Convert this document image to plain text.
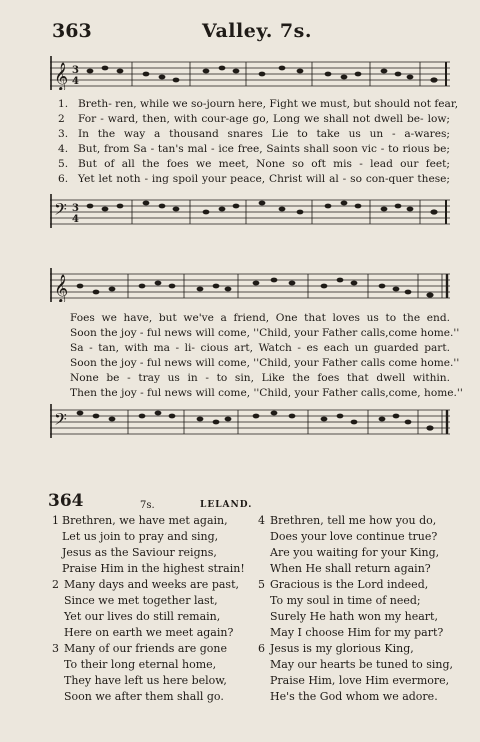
363	Valley. 7s.
𝄞 3
4
1. Breth- ren, while we so-journ here, Fight we must, but should not fear,
2	For - ward, then, with cour-age go, Long we shall not dwell be- low;
3. In the way a thousand snares Lie to take us un - a-wares;
4. But, from Sa - tan's mal - ice free, Saints shall soon vic - to rious be;
5. But of all the foes we meet, None so oft mis - lead our feet;
6. Yet let noth - ing spoil your peace, Christ will al - so con-quer these;
𝄢 3
4
𝄞
Foes we have, but we've a friend, One that loves us to the end.
Soon the joy - ful news will come, ''Child, your Father calls,come home.''
Sa - tan, with ma - li- cious art, Watch - es each un guarded part.
Soon the joy - ful news will come, ''Child, your Father calls come home.''
None be - tray us in - to sin, Like the foes that dwell within.
Then the joy - ful news will come, ''Child, your Father calls,come, home.''
𝄢
364	7s.	LELAND.
1 Brethren, we have met again,
Let us join to pray and sing,
Jesus as the Saviour reigns,
Praise Him in the highest strain!
2 Many days and weeks are past,
Since we met together last,
Yet our lives do still remain,
Here on earth we meet again?
3 Many of our friends are gone
To their long eternal home,
They have left us here below,
Soon we after them shall go.
4 Brethren, tell me how you do,
Does your love continue true?
Are you waiting for your King,
When He shall return again?
5 Gracious is the Lord indeed,
To my soul in time of need;
Surely He hath won my heart,
May I choose Him for my part?
6 Jesus is my glorious King,
May our hearts be tuned to sing,
Praise Him, love Him evermore,
He's the God whom we adore.
